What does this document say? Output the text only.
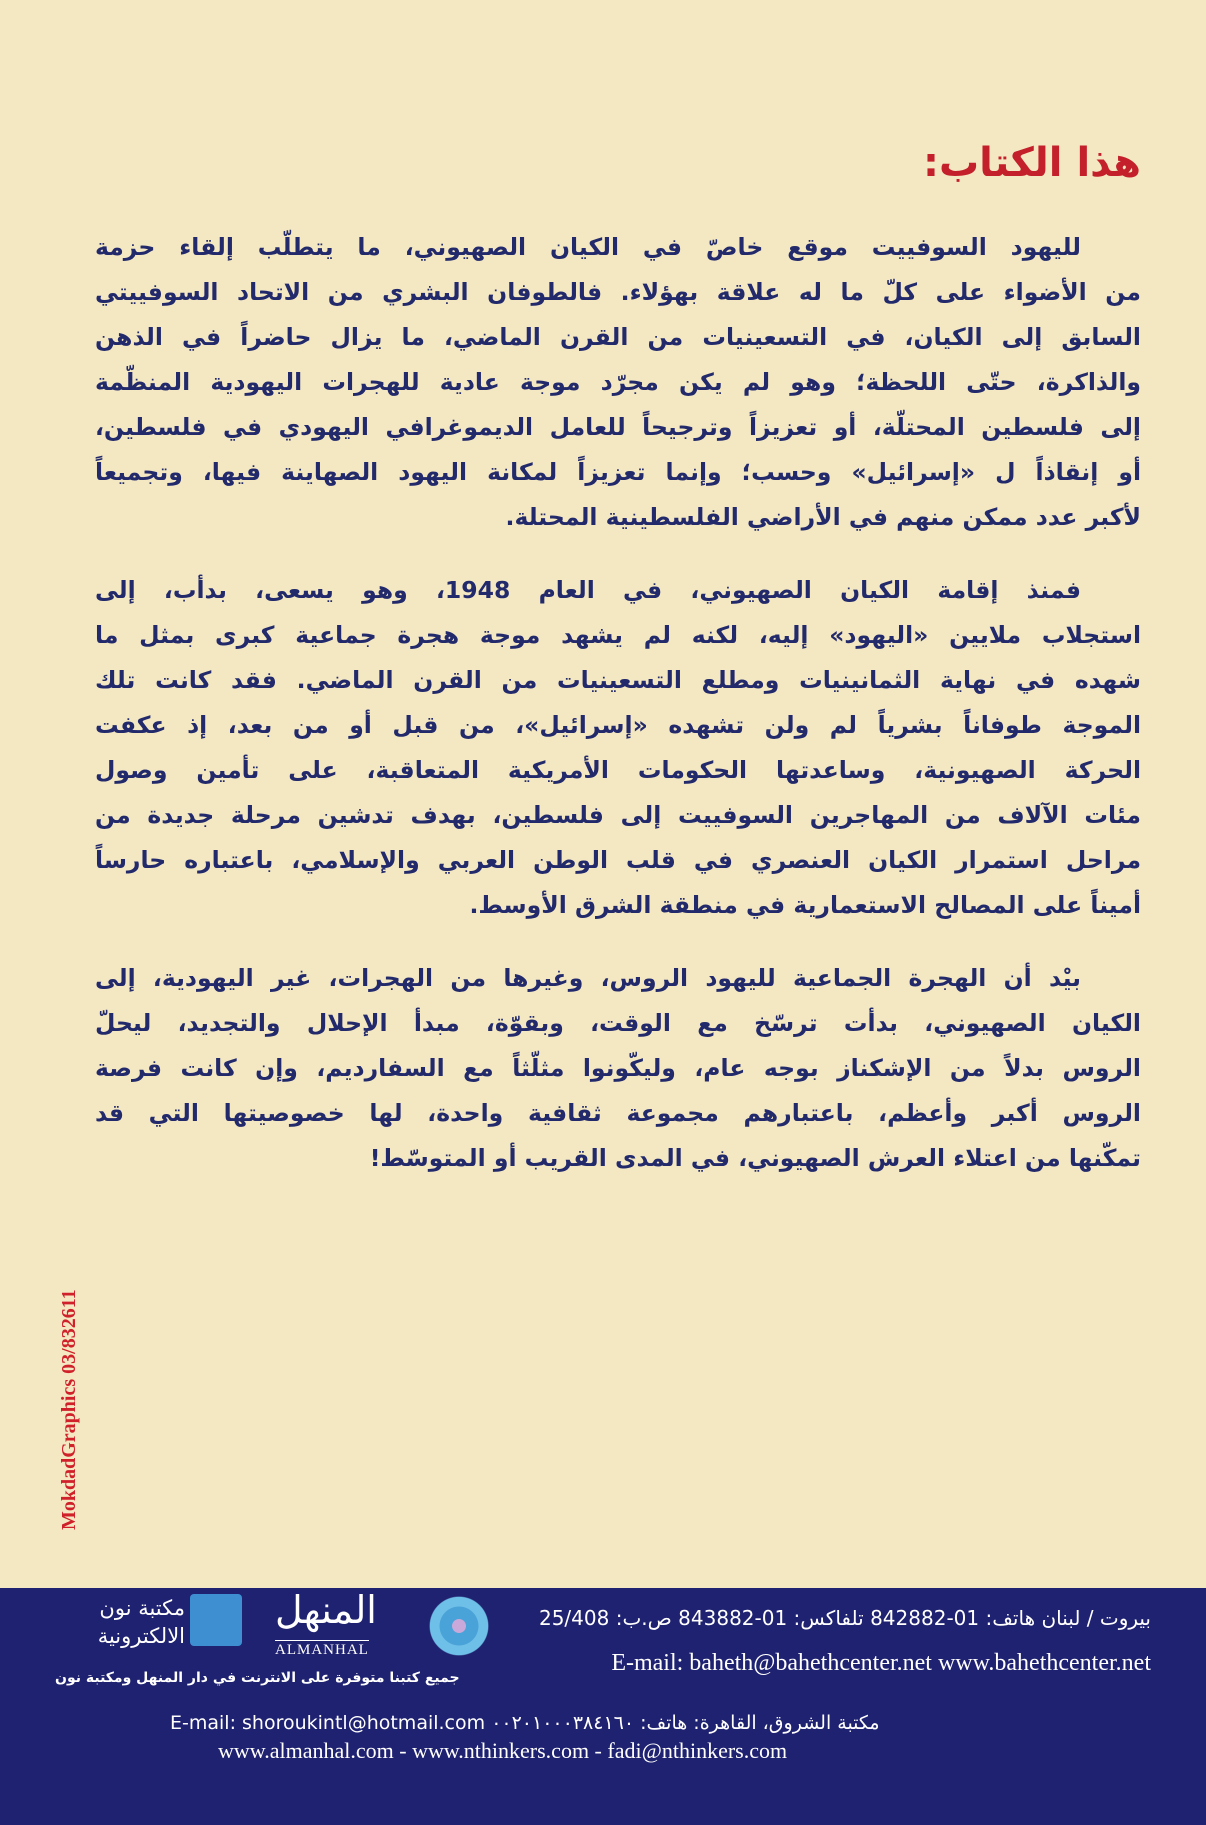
هذا الكتاب:
لليهود السوفييت موقع خاصّ في الكيان الصهيوني، ما يتطلّب إلقاء حزمة
من الأضواء على كلّ ما له علاقة بهؤلاء. فالطوفان البشري من الاتحاد السوفييتي
السابق إلى الكيان، في التسعينيات من القرن الماضي، ما يزال حاضراً في الذهن
والذاكرة، حتّى اللحظة؛ وهو لم يكن مجرّد موجة عادية للهجرات اليهودية المنظّمة
إلى فلسطين المحتلّة، أو تعزيزاً وترجيحاً للعامل الديموغرافي اليهودي في فلسطين،
أو إنقاذاً ل «إسرائيل» وحسب؛ وإنما تعزيزاً لمكانة اليهود الصهاينة فيها، وتجميعاً
لأكبر عدد ممكن منهم في الأراضي الفلسطينية المحتلة.
فمنذ إقامة الكيان الصهيوني، في العام 1948، وهو يسعى، بدأب، إلى
استجلاب ملايين «اليهود» إليه، لكنه لم يشهد موجة هجرة جماعية كبرى بمثل ما
شهده في نهاية الثمانينيات ومطلع التسعينيات من القرن الماضي. فقد كانت تلك
الموجة طوفاناً بشرياً لم ولن تشهده «إسرائيل»، من قبل أو من بعد، إذ عكفت
الحركة الصهيونية، وساعدتها الحكومات الأمريكية المتعاقبة، على تأمين وصول
مئات الآلاف من المهاجرين السوفييت إلى فلسطين، بهدف تدشين مرحلة جديدة من
مراحل استمرار الكيان العنصري في قلب الوطن العربي والإسلامي، باعتباره حارساً
أميناً على المصالح الاستعمارية في منطقة الشرق الأوسط.
بيْد أن الهجرة الجماعية لليهود الروس، وغيرها من الهجرات، غير اليهودية، إلى
الكيان الصهيوني، بدأت ترسّخ مع الوقت، وبقوّة، مبدأ الإحلال والتجديد، ليحلّ
الروس بدلاً من الإشكناز بوجه عام، وليكّونوا مثلّثاً مع السفارديم، وإن كانت فرصة
الروس أكبر وأعظم، باعتبارهم مجموعة ثقافية واحدة، لها خصوصيتها التي قد
تمكّنها من اعتلاء العرش الصهيوني، في المدى القريب أو المتوسّط!
MokdadGraphics 03/832611
مكتبة نون الالكترونية
المنهل
ALMANHAL
جميع كتبنا متوفرة على الانترنت في دار المنهل ومكتبة نون
بيروت / لبنان هاتف: 01-842882 تلفاكس: 01-843882 ص.ب: 25/408
E-mail: baheth@bahethcenter.net www.bahethcenter.net
مكتبة الشروق، القاهرة: هاتف: ٠٠٢٠١٠٠٠٣٨٤١٦٠ E-mail: shoroukintl@hotmail.com
www.almanhal.com - www.nthinkers.com - fadi@nthinkers.com
